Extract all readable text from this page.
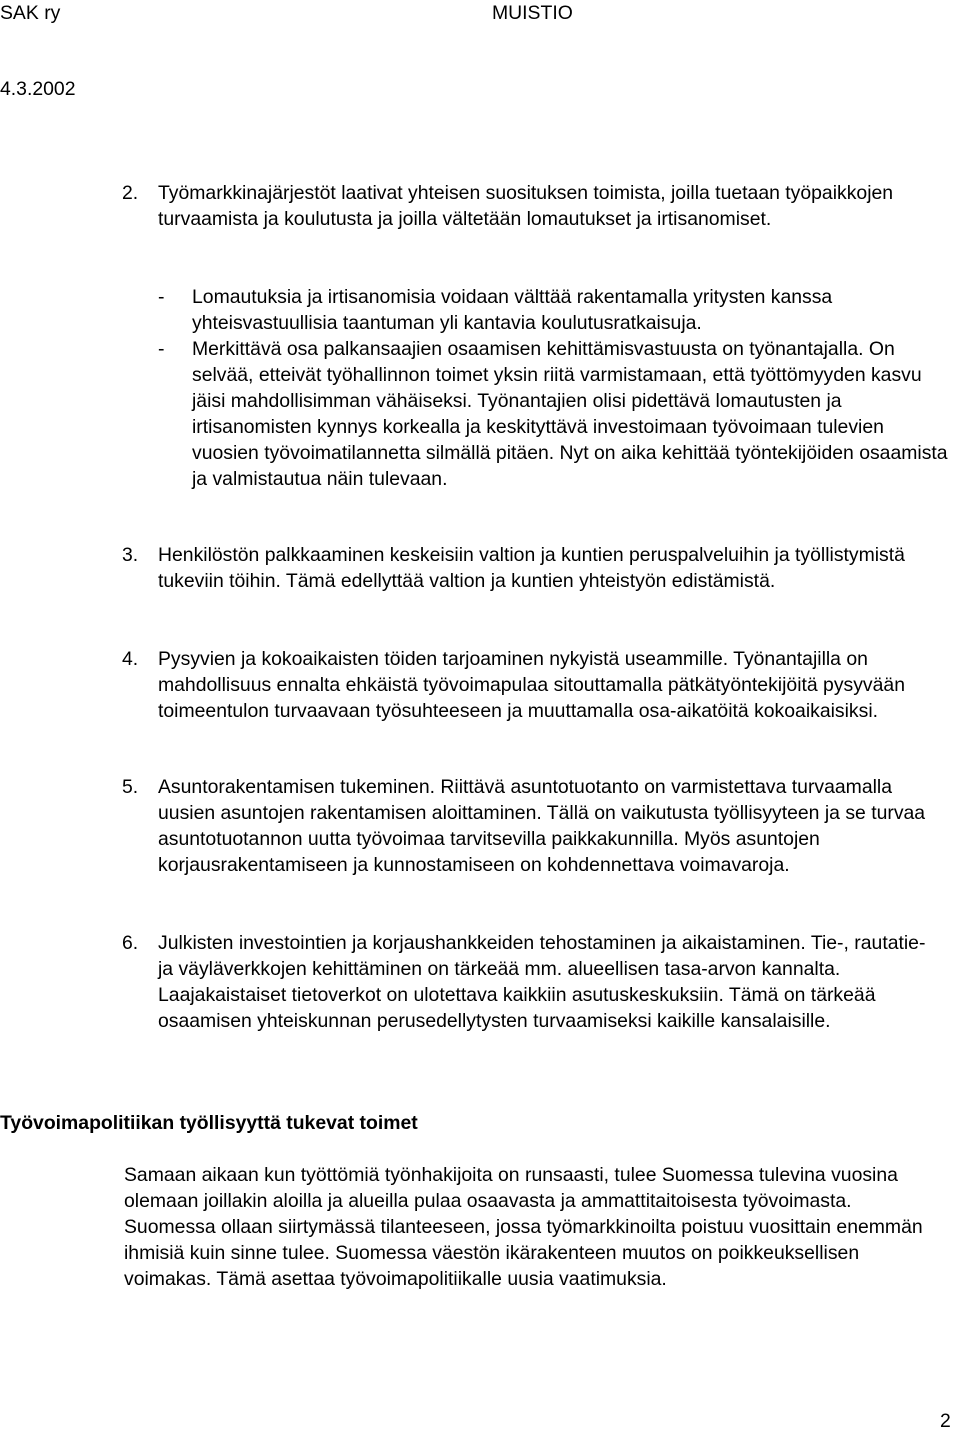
SAK ry	MUISTIO
4.3.2002
2. Työmarkkinajärjestöt laativat yhteisen suosituksen toimista, joilla tuetaan työpaikkojen turvaamista ja koulutusta ja joilla vältetään lomautukset ja irtisanomiset.
- Lomautuksia ja irtisanomisia voidaan välttää rakentamalla yritysten kanssa yhteisvastuullisia taantuman yli kantavia koulutusratkaisuja.
- Merkittävä osa palkansaajien osaamisen kehittämisvastuusta on työnantajalla. On selvää, etteivät työhallinnon toimet yksin riitä varmistamaan, että työttömyyden kasvu jäisi mahdollisimman vähäiseksi. Työnantajien olisi pidettävä lomautusten ja irtisanomisten kynnys korkealla ja keskityttävä investoimaan työvoimaan tulevien vuosien työvoimatilannetta silmällä pitäen. Nyt on aika kehittää työntekijöiden osaamista ja valmistautua näin tulevaan.
3. Henkilöstön palkkaaminen keskeisiin valtion ja kuntien peruspalveluihin ja työllistymistä tukeviin töihin. Tämä edellyttää valtion ja kuntien yhteistyön edistämistä.
4. Pysyvien ja kokoaikaisten töiden tarjoaminen nykyistä useammille. Työnantajilla on mahdollisuus ennalta ehkäistä työvoimapulaa sitouttamalla pätkätyöntekijöitä pysyvään toimeentulon turvaavaan työsuhteeseen ja muuttamalla osa-aikatöitä kokoaikaisiksi.
5. Asuntorakentamisen tukeminen. Riittävä asuntotuotanto on varmistettava turvaamalla uusien asuntojen rakentamisen aloittaminen. Tällä on vaikutusta työllisyyteen ja se turvaa asuntotuotannon uutta työvoimaa tarvitsevilla paikkakunnilla. Myös asuntojen korjausrakentamiseen ja kunnostamiseen on kohdennettava voimavaroja.
6. Julkisten investointien ja korjaushankkeiden tehostaminen ja aikaistaminen. Tie-, rautatie- ja väyläverkkojen kehittäminen on tärkeää mm. alueellisen tasa-arvon kannalta. Laajakaistaiset tietoverkot on ulotettava kaikkiin asutuskeskuksiin. Tämä on tärkeää osaamisen yhteiskunnan perusedellytysten turvaamiseksi kaikille kansalaisille.
Työvoimapolitiikan työllisyyttä tukevat toimet
Samaan aikaan kun työttömiä työnhakijoita on runsaasti, tulee Suomessa tulevina vuosina olemaan joillakin aloilla ja alueilla pulaa osaavasta ja ammattitaitoisesta työvoimasta. Suomessa ollaan siirtymässä tilanteeseen, jossa työmarkkinoilta poistuu vuosittain enemmän ihmisiä kuin sinne tulee. Suomessa väestön ikärakenteen muutos on poikkeuksellisen voimakas. Tämä asettaa työvoimapolitiikalle uusia vaatimuksia.
2
